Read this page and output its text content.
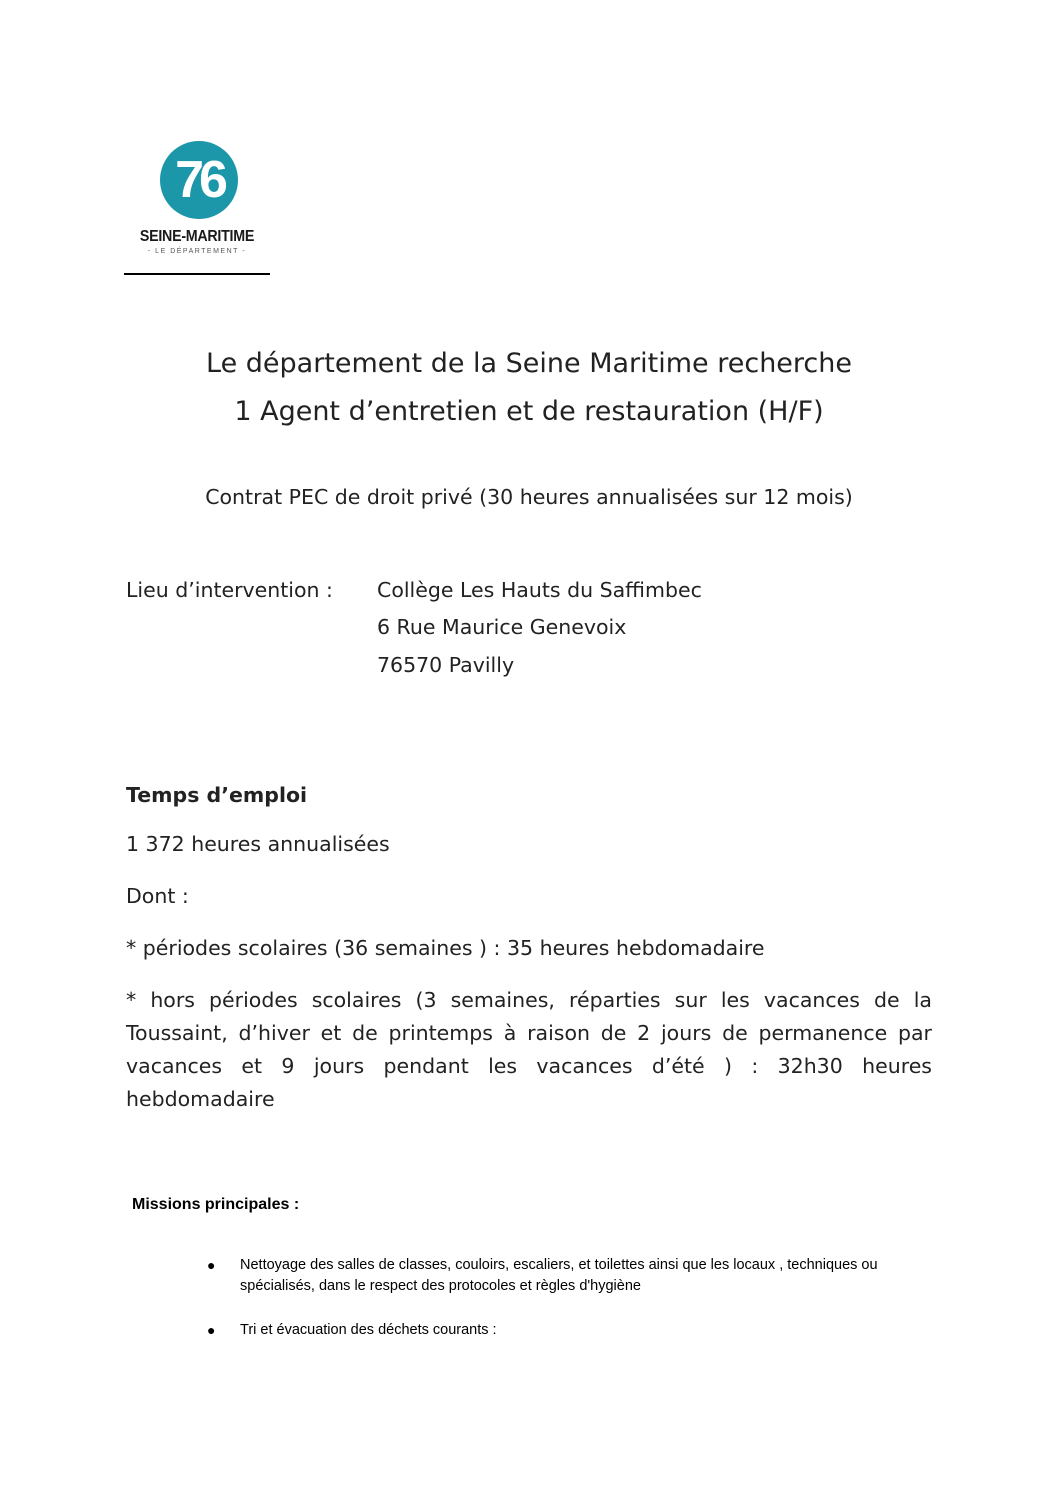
76
SEINE-MARITIME
- LE DÉPARTEMENT -
Le département de la Seine Maritime recherche
1 Agent d’entretien et de restauration (H/F)
Contrat PEC de droit privé (30 heures annualisées sur 12 mois)
Lieu d’intervention : Collège Les Hauts du Saffimbec
6 Rue Maurice Genevoix
76570 Pavilly
Temps d’emploi
1 372 heures annualisées
Dont :
* périodes scolaires (36 semaines ) : 35 heures hebdomadaire
* hors périodes scolaires (3 semaines, réparties sur les vacances de la Toussaint, d’hiver et de printemps à raison de 2 jours de permanence par vacances et 9 jours pendant les vacances d’été ) : 32h30 heures hebdomadaire
Missions principales :
● Nettoyage des salles de classes, couloirs, escaliers, et toilettes ainsi que les locaux , techniques ou spécialisés, dans le respect des protocoles et règles d'hygiène
● Tri et évacuation des déchets courants :
